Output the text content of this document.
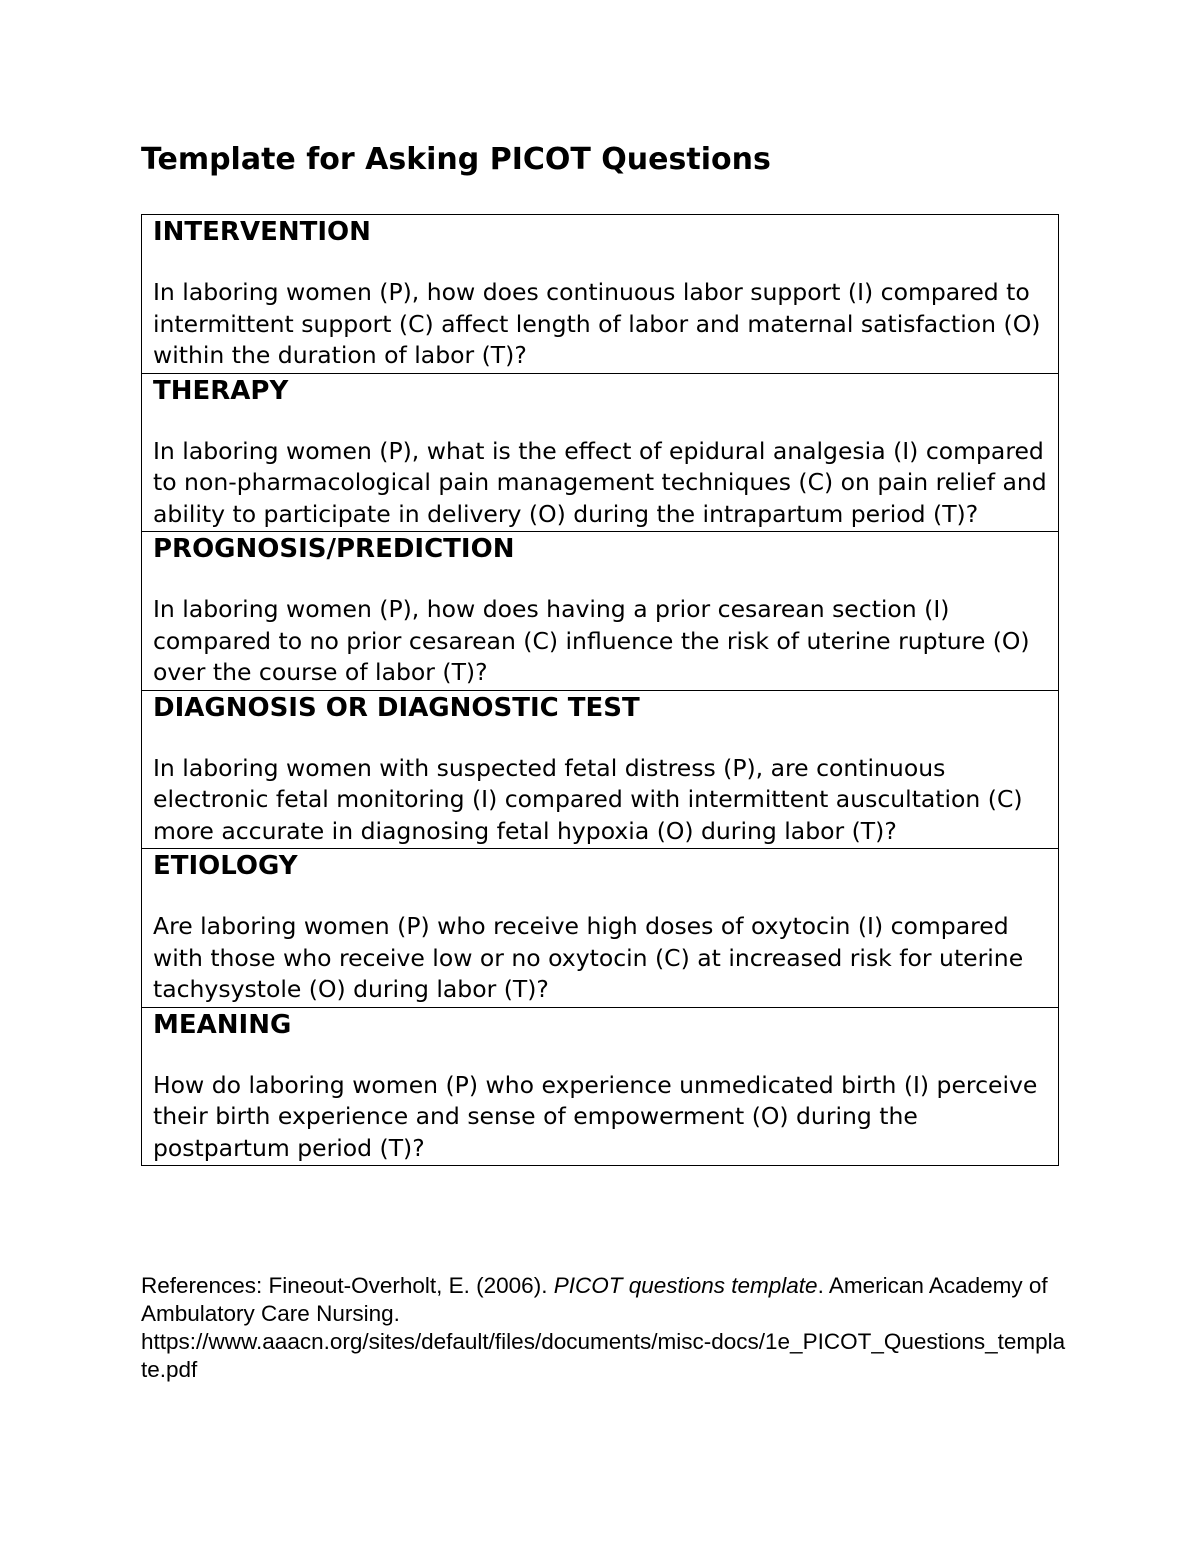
Template for Asking PICOT Questions
INTERVENTION
In laboring women (P), how does continuous labor support (I) compared to intermittent support (C) affect length of labor and maternal satisfaction (O) within the duration of labor (T)?

THERAPY
In laboring women (P), what is the effect of epidural analgesia (I) compared to non-pharmacological pain management techniques (C) on pain relief and ability to participate in delivery (O) during the intrapartum period (T)?

PROGNOSIS/PREDICTION
In laboring women (P), how does having a prior cesarean section (I) compared to no prior cesarean (C) influence the risk of uterine rupture (O) over the course of labor (T)?

DIAGNOSIS OR DIAGNOSTIC TEST
In laboring women with suspected fetal distress (P), are continuous electronic fetal monitoring (I) compared with intermittent auscultation (C) more accurate in diagnosing fetal hypoxia (O) during labor (T)?

ETIOLOGY
Are laboring women (P) who receive high doses of oxytocin (I) compared with those who receive low or no oxytocin (C) at increased risk for uterine tachysystole (O) during labor (T)?

MEANING
How do laboring women (P) who experience unmedicated birth (I) perceive their birth experience and sense of empowerment (O) during the postpartum period (T)?

References: Fineout-Overholt, E. (2006). PICOT questions template. American Academy of Ambulatory Care Nursing.
https://www.aaacn.org/sites/default/files/documents/misc-docs/1e_PICOT_Questions_template.pdf
